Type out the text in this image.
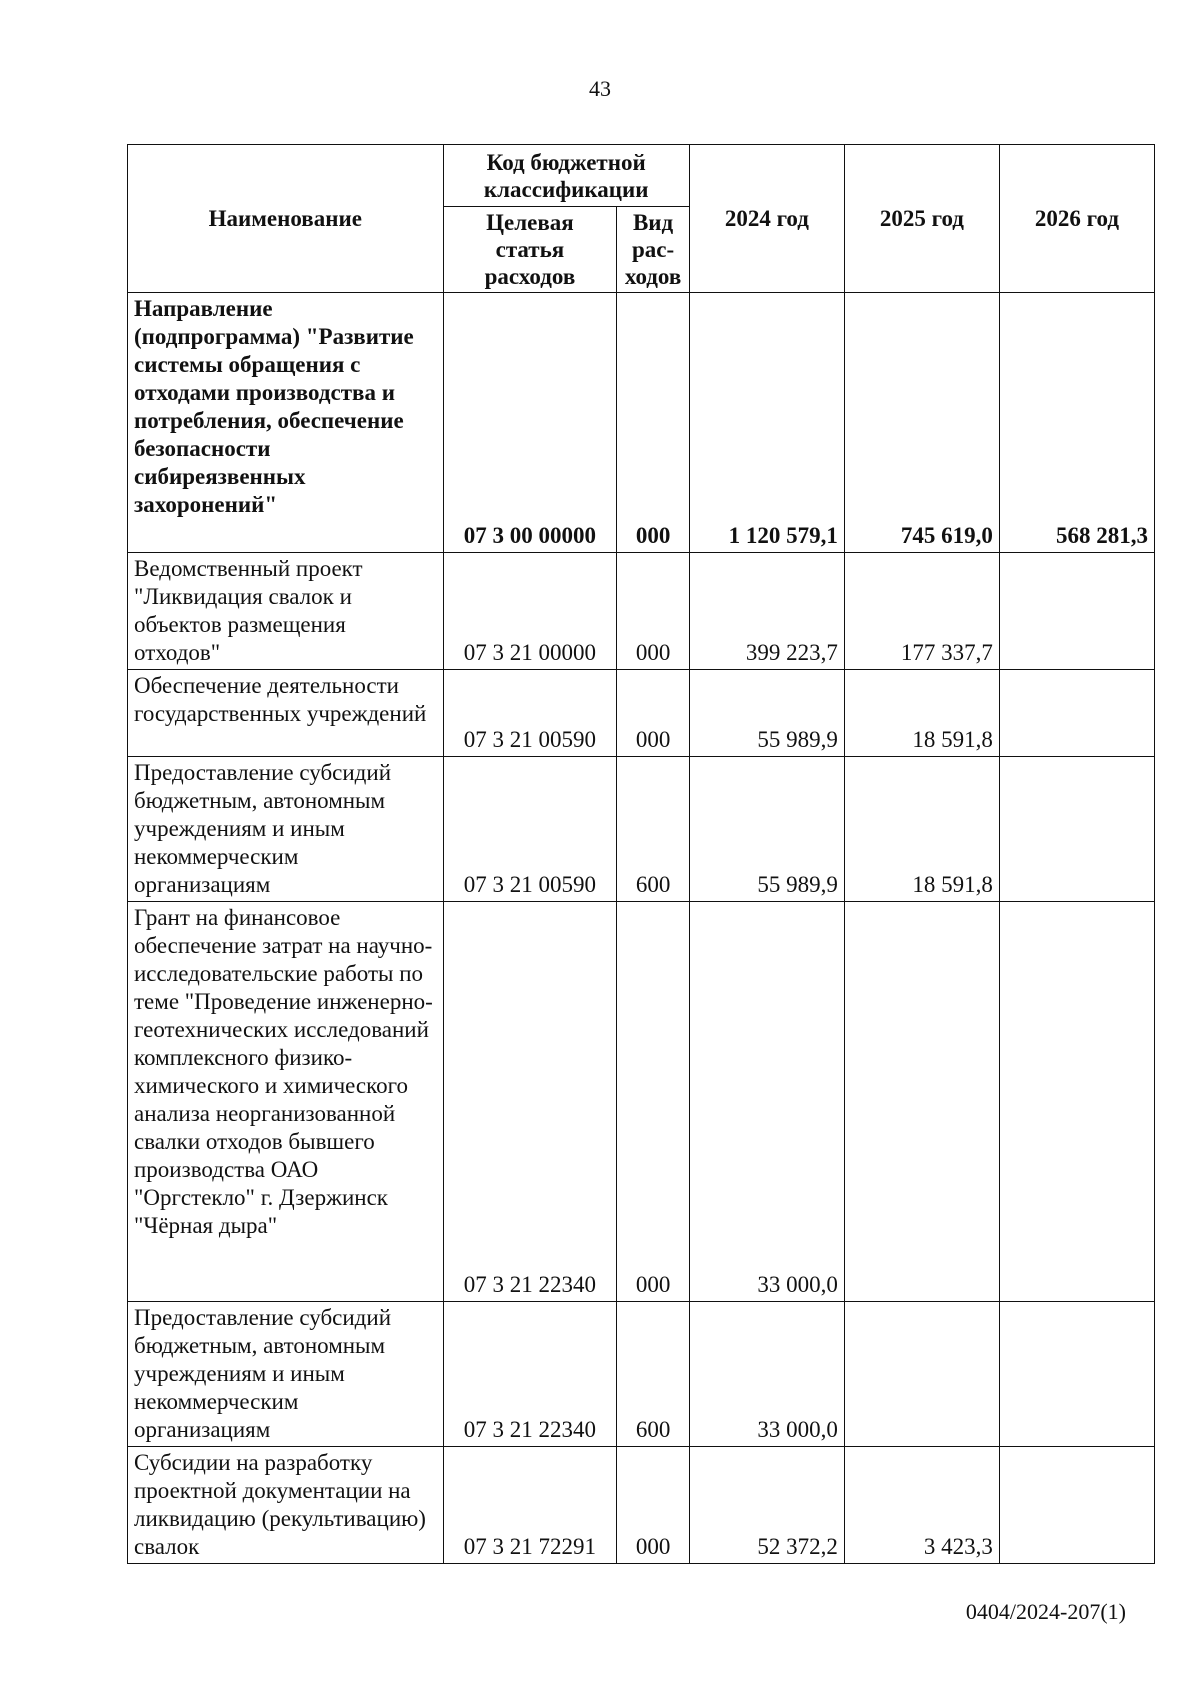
43
Наименование	Код бюджетной классификации		2024 год	2025 год	2026 год
	Целевая статья расходов	Вид рас-ходов			
Направление (подпрограмма) "Развитие системы обращения с отходами производства и потребления, обеспечение безопасности сибиреязвенных захоронений"	07 3 00 00000	000	1 120 579,1	745 619,0	568 281,3
Ведомственный проект "Ликвидация свалок и объектов размещения отходов"	07 3 21 00000	000	399 223,7	177 337,7	
Обеспечение деятельности государственных учреждений	07 3 21 00590	000	55 989,9	18 591,8	
Предоставление субсидий бюджетным, автономным учреждениям и иным некоммерческим организациям	07 3 21 00590	600	55 989,9	18 591,8	
Грант на финансовое обеспечение затрат на научно-исследовательские работы по теме "Проведение инженерно-геотехнических исследований комплексного физико-химического и химического анализа неорганизованной свалки отходов бывшего производства ОАО "Оргстекло" г. Дзержинск "Чёрная дыра"	07 3 21 22340	000	33 000,0		
Предоставление субсидий бюджетным, автономным учреждениям и иным некоммерческим организациям	07 3 21 22340	600	33 000,0		
Субсидии на разработку проектной документации на ликвидацию (рекультивацию) свалок	07 3 21 72291	000	52 372,2	3 423,3	
0404/2024-207(1)
